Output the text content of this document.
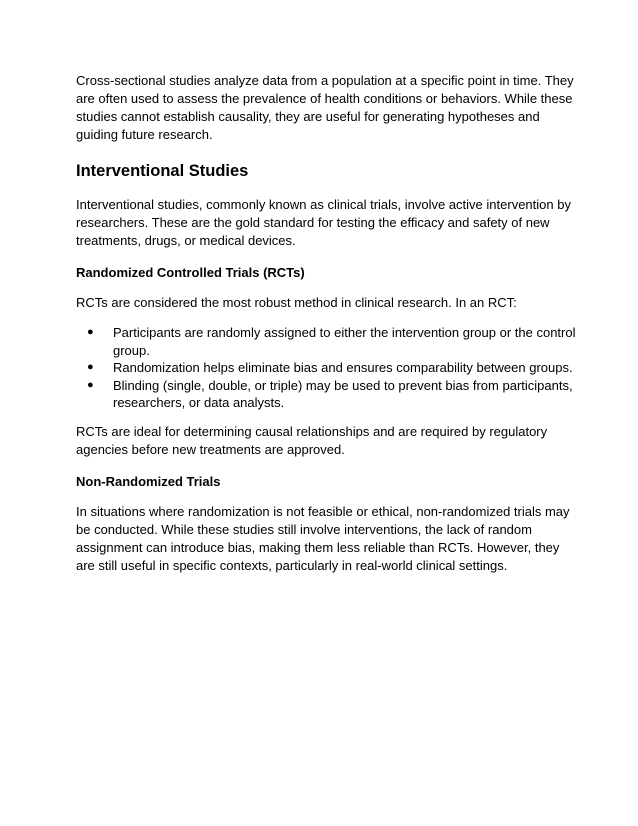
Cross-sectional studies analyze data from a population at a specific point in time. They are often used to assess the prevalence of health conditions or behaviors. While these studies cannot establish causality, they are useful for generating hypotheses and guiding future research.

Interventional Studies

Interventional studies, commonly known as clinical trials, involve active intervention by researchers. These are the gold standard for testing the efficacy and safety of new treatments, drugs, or medical devices.

Randomized Controlled Trials (RCTs)

RCTs are considered the most robust method in clinical research. In an RCT:

● Participants are randomly assigned to either the intervention group or the control group.
● Randomization helps eliminate bias and ensures comparability between groups.
● Blinding (single, double, or triple) may be used to prevent bias from participants, researchers, or data analysts.

RCTs are ideal for determining causal relationships and are required by regulatory agencies before new treatments are approved.

Non-Randomized Trials

In situations where randomization is not feasible or ethical, non-randomized trials may be conducted. While these studies still involve interventions, the lack of random assignment can introduce bias, making them less reliable than RCTs. However, they are still useful in specific contexts, particularly in real-world clinical settings.
